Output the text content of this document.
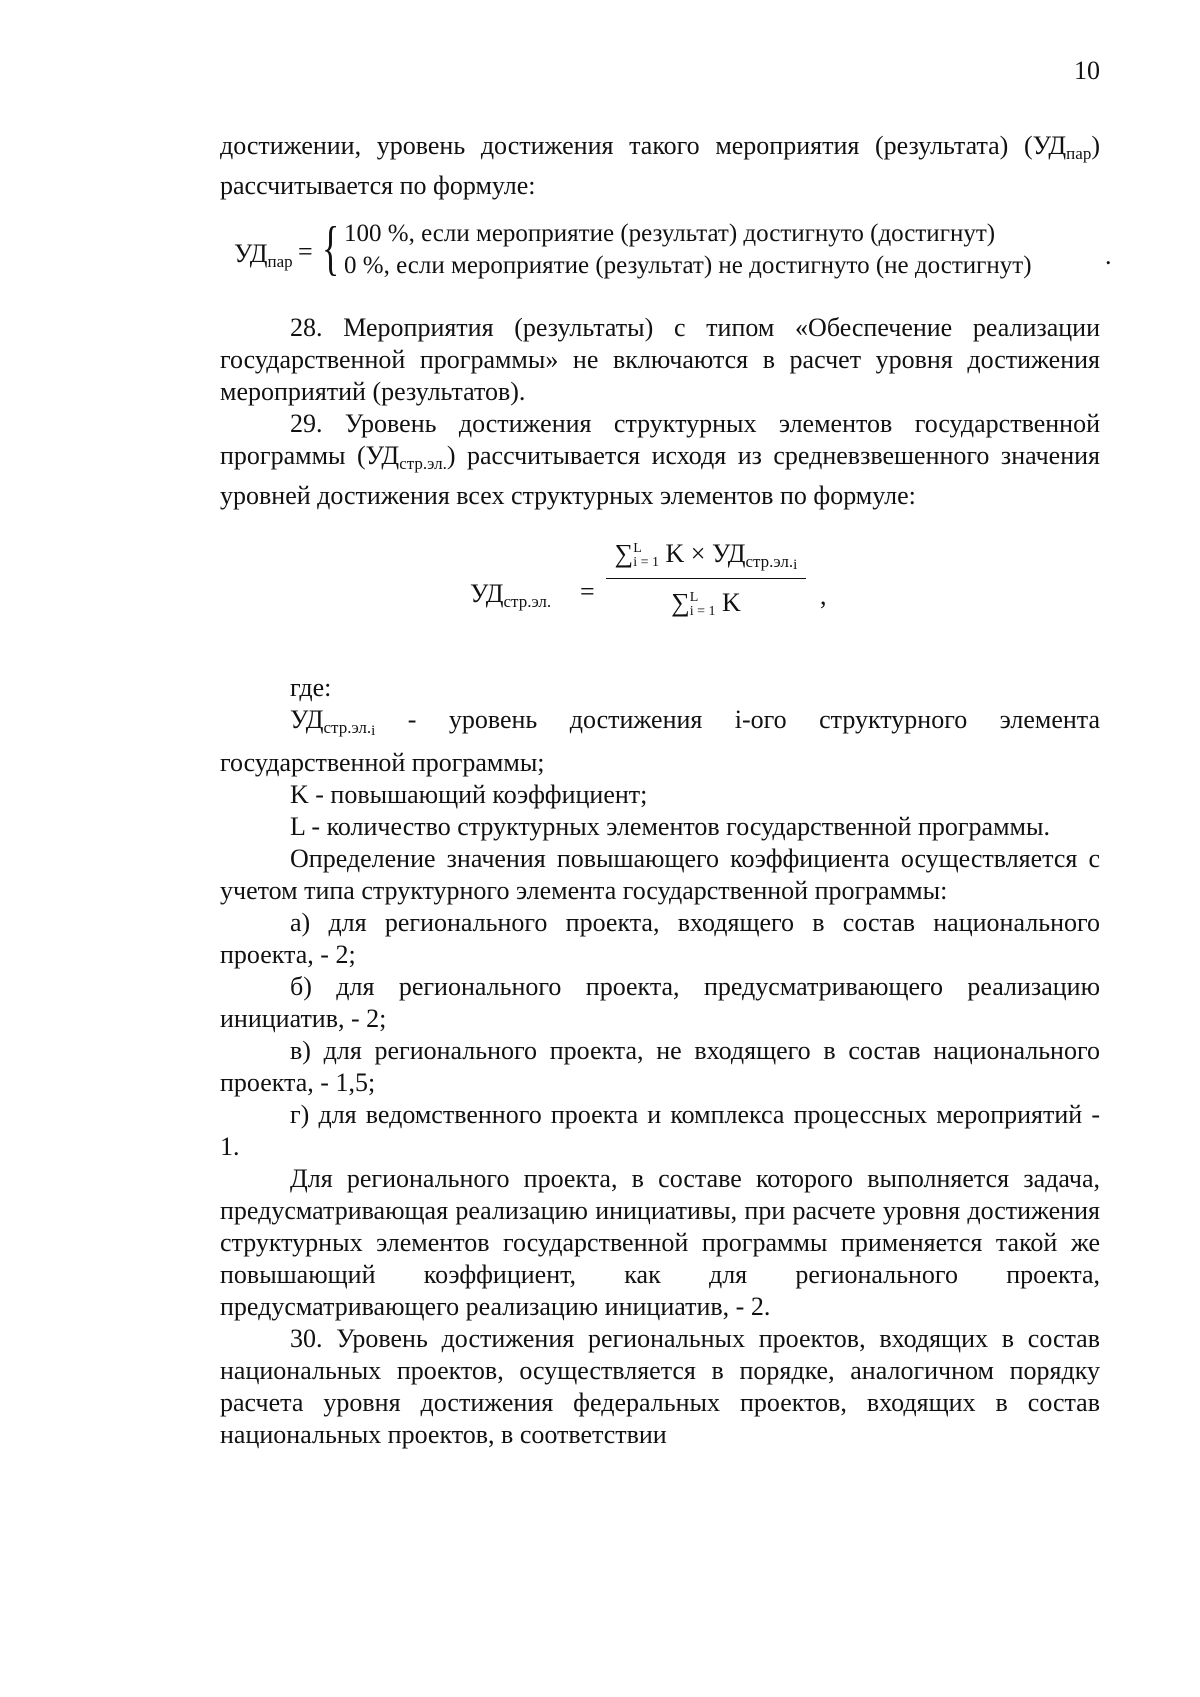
10

достижении, уровень достижения такого мероприятия (результата) $(УД_{пар})$ рассчитывается по формуле:

$УД_{пар}$ = { 100 %, если мероприятие (результат) достигнуто (достигнут)
0 %, если мероприятие (результат) не достигнуто (не достигнут)	.

28. Мероприятия (результаты) с типом «Обеспечение реализации государственной программы» не включаются в расчет уровня достижения мероприятий (результатов).

29. Уровень достижения структурных элементов государственной программы $(УД_{стр.эл.})$ рассчитывается исходя из средневзвешенного значения уровней достижения всех структурных элементов по формуле:

$УД_{стр.эл.}$ =
∑ L
i = 1 $K \times УД_{стр.эл.i}$
∑ L
i = 1 K	,

где:

$УД_{стр.эл.i}$ - уровень достижения i-ого структурного элемента государственной программы;

K - повышающий коэффициент;

L - количество структурных элементов государственной программы.

Определение значения повышающего коэффициента осуществляется с учетом типа структурного элемента государственной программы:

а) для регионального проекта, входящего в состав национального проекта, - 2;

б) для регионального проекта, предусматривающего реализацию инициатив, - 2;

в) для регионального проекта, не входящего в состав национального проекта, - 1,5;

г) для ведомственного проекта и комплекса процессных мероприятий - 1.

Для регионального проекта, в составе которого выполняется задача, предусматривающая реализацию инициативы, при расчете уровня достижения структурных элементов государственной программы применяется такой же повышающий коэффициент, как для регионального проекта, предусматривающего реализацию инициатив, - 2.

30. Уровень достижения региональных проектов, входящих в состав национальных проектов, осуществляется в порядке, аналогичном порядку расчета уровня достижения федеральных проектов, входящих в состав национальных проектов, в соответствии
